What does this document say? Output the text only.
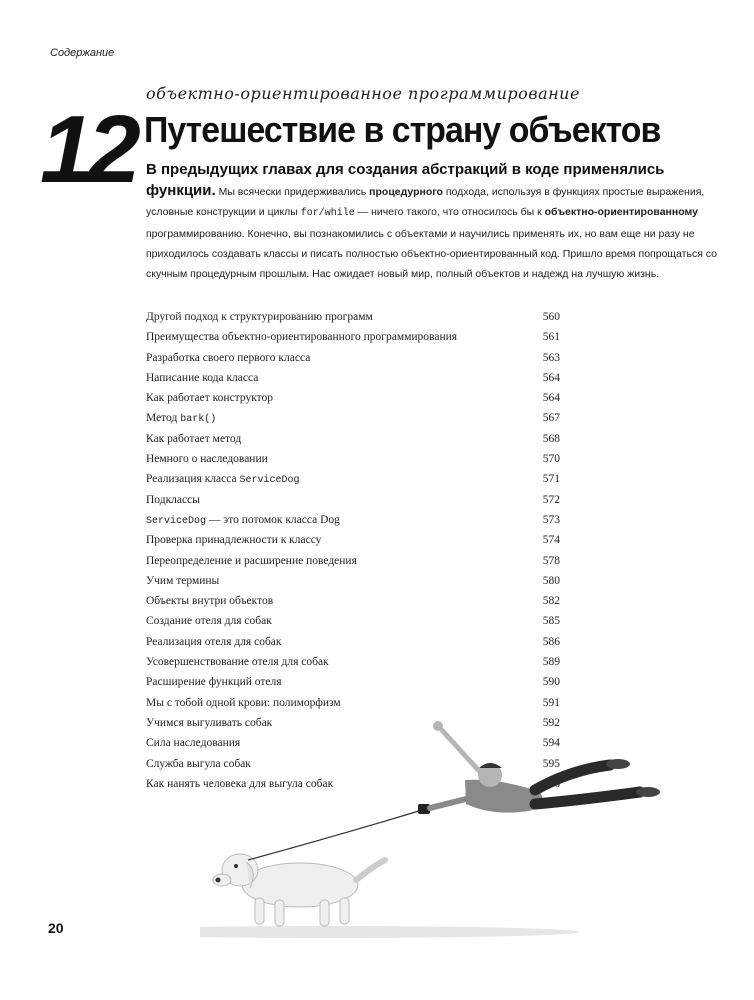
Содержание
объектно-ориентированное программирование
12 Путешествие в страну объектов
В предыдущих главах для создания абстракций в коде применялись функции. Мы всячески придерживались процедурного подхода, используя в функциях простые выражения, условные конструкции и циклы for/while — ничего такого, что относилось бы к объектно-ориентированному программированию. Конечно, вы познакомились с объектами и научились применять их, но вам еще ни разу не приходилось создавать классы и писать полностью объектно-ориентированный код. Пришло время попрощаться со скучным процедурным прошлым. Нас ожидает новый мир, полный объектов и надежд на лучшую жизнь.
Другой подход к структурированию программ	560
Преимущества объектно-ориентированного программирования	561
Разработка своего первого класса	563
Написание кода класса	564
Как работает конструктор	564
Метод bark()	567
Как работает метод	568
Немного о наследовании	570
Реализация класса ServiceDog	571
Подклассы	572
ServiceDog — это потомок класса Dog	573
Проверка принадлежности к классу	574
Переопределение и расширение поведения	578
Учим термины	580
Объекты внутри объектов	582
Создание отеля для собак	585
Реализация отеля для собак	586
Усовершенствование отеля для собак	589
Расширение функций отеля	590
Мы с тобой одной крови: полиморфизм	591
Учимся выгуливать собак	592
Сила наследования	594
Служба выгула собак	595
Как нанять человека для выгула собак	596
20
